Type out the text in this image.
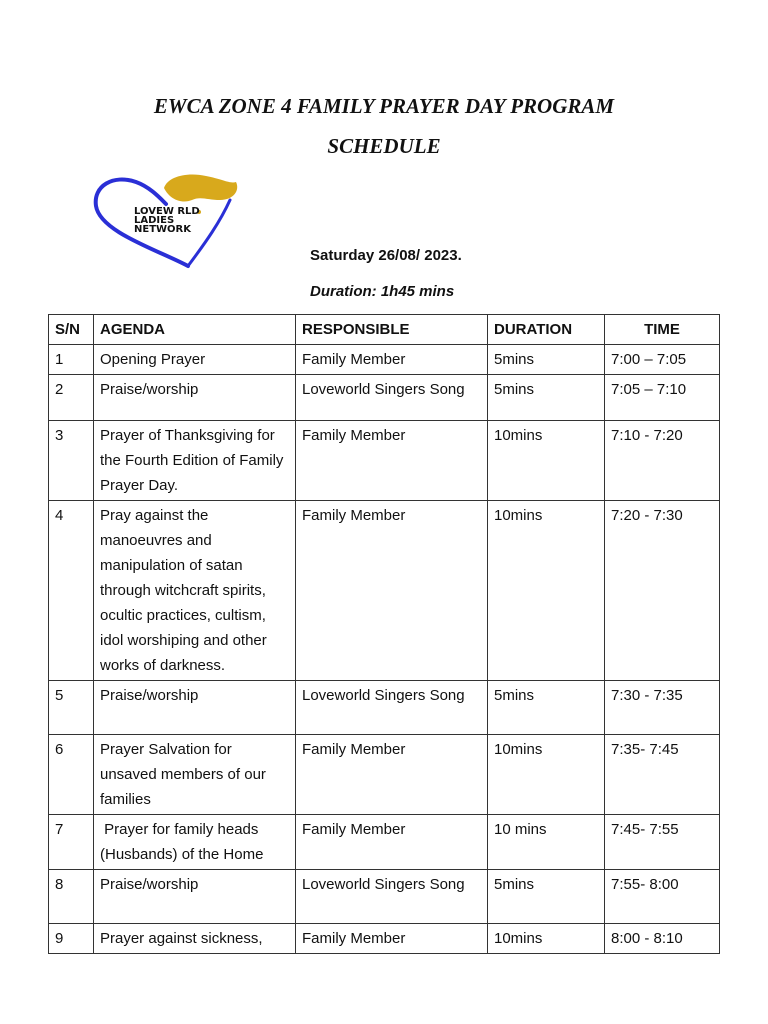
EWCA ZONE 4 FAMILY PRAYER DAY PROGRAM
SCHEDULE
LOVEW RLD
LADIES
NETWORK
Saturday 26/08/ 2023.
Duration: 1h45 mins
S/N	AGENDA	RESPONSIBLE	DURATION	TIME
1	Opening Prayer	Family Member	5mins	7:00 – 7:05
2	Praise/worship	Loveworld Singers Song	5mins	7:05 – 7:10
3	Prayer of Thanksgiving for the Fourth Edition of Family Prayer Day.	Family Member	10mins	7:10 - 7:20
4	Pray against the manoeuvres and manipulation of satan through witchcraft spirits, ocultic practices, cultism, idol worshiping and other works of darkness.	Family Member	10mins	7:20 - 7:30
5	Praise/worship	Loveworld Singers Song	5mins	7:30 - 7:35
6	Prayer Salvation for unsaved members of our families	Family Member	10mins	7:35- 7:45
7	Prayer for family heads (Husbands) of the Home	Family Member	10 mins	7:45- 7:55
8	Praise/worship	Loveworld Singers Song	5mins	7:55- 8:00
9	Prayer against sickness,	Family Member	10mins	8:00 - 8:10
